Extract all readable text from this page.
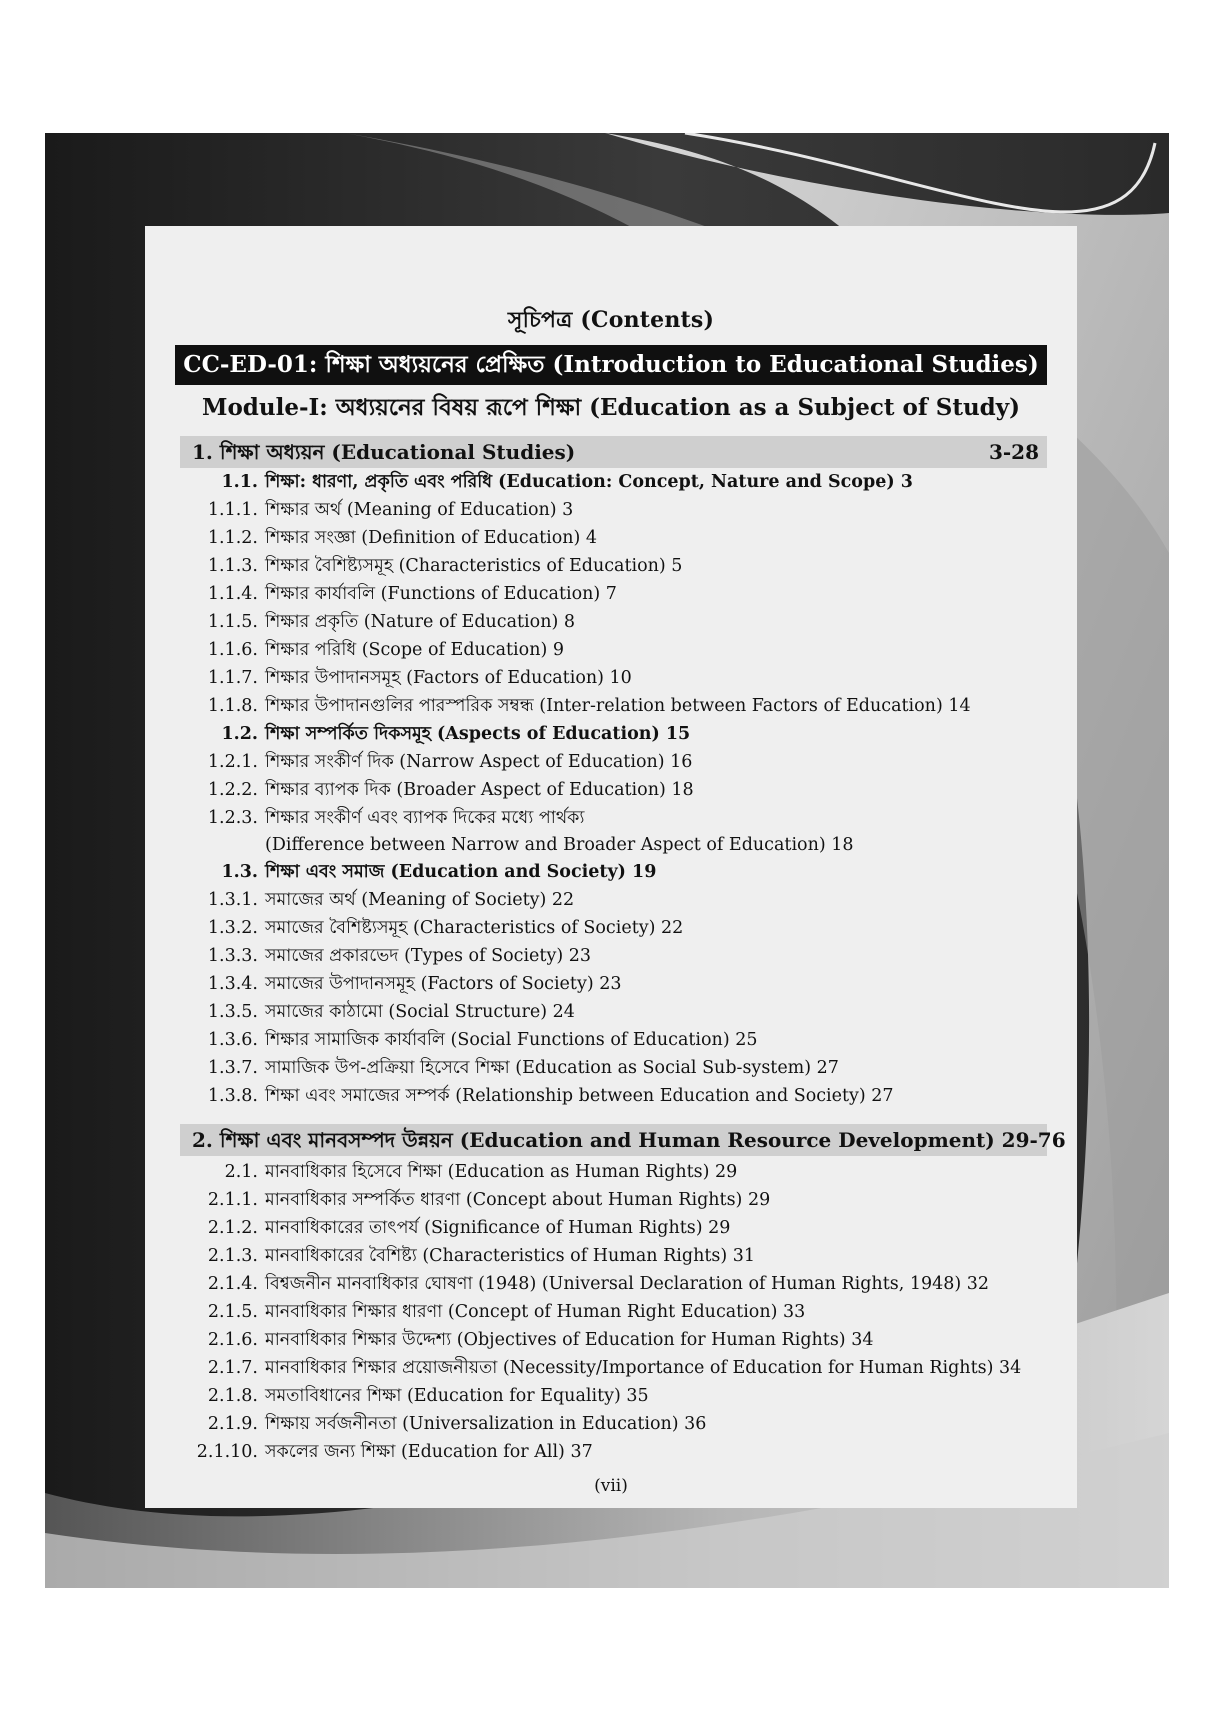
সূচিপত্র (Contents)
CC-ED-01: শিক্ষা অধ্যয়নের প্রেক্ষিত (Introduction to Educational Studies)
Module-I: অধ্যয়নের বিষয় রূপে শিক্ষা (Education as a Subject of Study)
1. শিক্ষা অধ্যয়ন (Educational Studies)	3-28
1.1. শিক্ষা: ধারণা, প্রকৃতি এবং পরিধি (Education: Concept, Nature and Scope) 3
1.1.1. শিক্ষার অর্থ (Meaning of Education) 3
1.1.2. শিক্ষার সংজ্ঞা (Definition of Education) 4
1.1.3. শিক্ষার বৈশিষ্ট্যসমূহ (Characteristics of Education) 5
1.1.4. শিক্ষার কার্যাবলি (Functions of Education) 7
1.1.5. শিক্ষার প্রকৃতি (Nature of Education) 8
1.1.6. শিক্ষার পরিধি (Scope of Education) 9
1.1.7. শিক্ষার উপাদানসমূহ (Factors of Education) 10
1.1.8. শিক্ষার উপাদানগুলির পারস্পরিক সম্বন্ধ (Inter-relation between Factors of Education) 14
1.2. শিক্ষা সম্পর্কিত দিকসমূহ (Aspects of Education) 15
1.2.1. শিক্ষার সংকীর্ণ দিক (Narrow Aspect of Education) 16
1.2.2. শিক্ষার ব্যাপক দিক (Broader Aspect of Education) 18
1.2.3. শিক্ষার সংকীর্ণ এবং ব্যাপক দিকের মধ্যে পার্থক্য
(Difference between Narrow and Broader Aspect of Education) 18
1.3. শিক্ষা এবং সমাজ (Education and Society) 19
1.3.1. সমাজের অর্থ (Meaning of Society) 22
1.3.2. সমাজের বৈশিষ্ট্যসমূহ (Characteristics of Society) 22
1.3.3. সমাজের প্রকারভেদ (Types of Society) 23
1.3.4. সমাজের উপাদানসমূহ (Factors of Society) 23
1.3.5. সমাজের কাঠামো (Social Structure) 24
1.3.6. শিক্ষার সামাজিক কার্যাবলি (Social Functions of Education) 25
1.3.7. সামাজিক উপ-প্রক্রিয়া হিসেবে শিক্ষা (Education as Social Sub-system) 27
1.3.8. শিক্ষা এবং সমাজের সম্পর্ক (Relationship between Education and Society) 27
2. শিক্ষা এবং মানবসম্পদ উন্নয়ন (Education and Human Resource Development) 29-76
2.1. মানবাধিকার হিসেবে শিক্ষা (Education as Human Rights) 29
2.1.1. মানবাধিকার সম্পর্কিত ধারণা (Concept about Human Rights) 29
2.1.2. মানবাধিকারের তাৎপর্য (Significance of Human Rights) 29
2.1.3. মানবাধিকারের বৈশিষ্ট্য (Characteristics of Human Rights) 31
2.1.4. বিশ্বজনীন মানবাধিকার ঘোষণা (1948) (Universal Declaration of Human Rights, 1948) 32
2.1.5. মানবাধিকার শিক্ষার ধারণা (Concept of Human Right Education) 33
2.1.6. মানবাধিকার শিক্ষার উদ্দেশ্য (Objectives of Education for Human Rights) 34
2.1.7. মানবাধিকার শিক্ষার প্রয়োজনীয়তা (Necessity/Importance of Education for Human Rights) 34
2.1.8. সমতাবিধানের শিক্ষা (Education for Equality) 35
2.1.9. শিক্ষায় সর্বজনীনতা (Universalization in Education) 36
2.1.10. সকলের জন্য শিক্ষা (Education for All) 37
(vii)
